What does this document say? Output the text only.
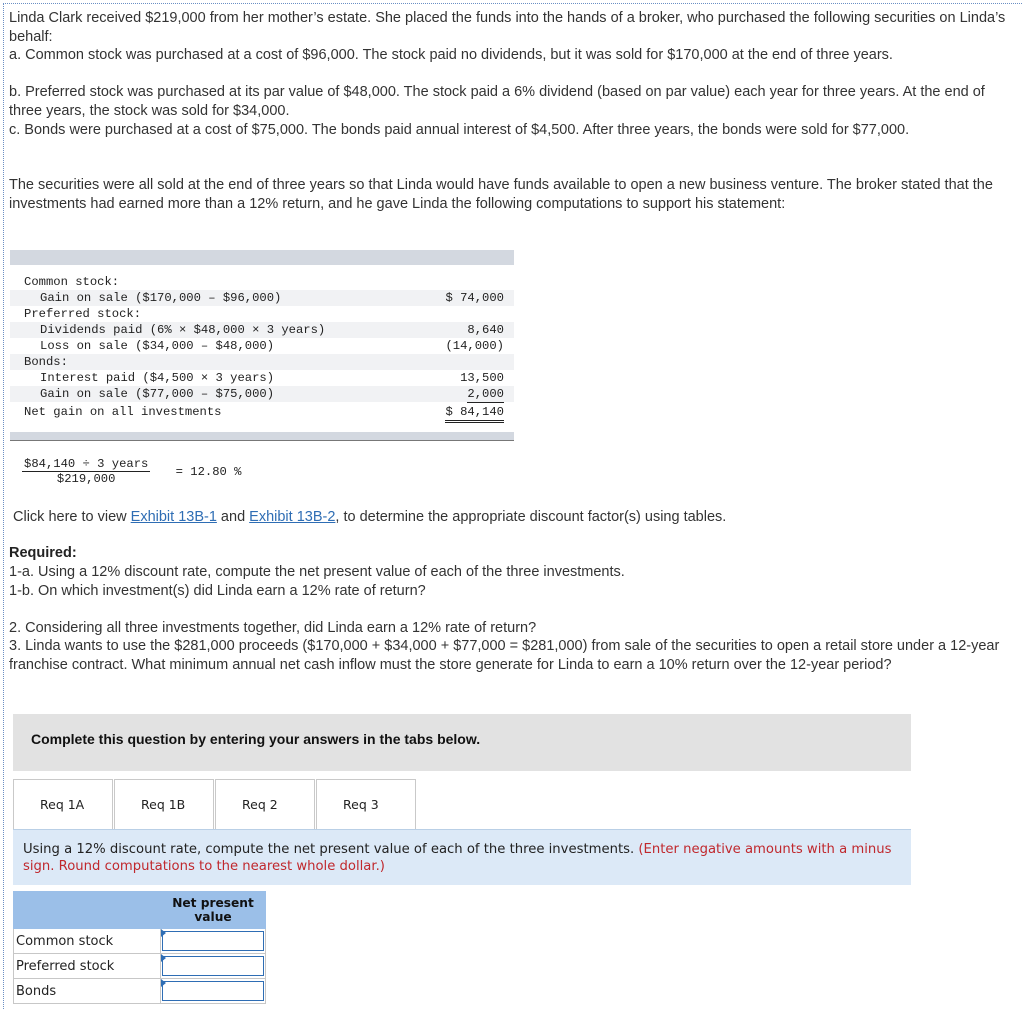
Linda Clark received $219,000 from her mother’s estate. She placed the funds into the hands of a broker, who purchased the following securities on Linda’s behalf:

a. Common stock was purchased at a cost of $96,000. The stock paid no dividends, but it was sold for $170,000 at the end of three years.

b. Preferred stock was purchased at its par value of $48,000. The stock paid a 6% dividend (based on par value) each year for three years. At the end of three years, the stock was sold for $34,000.

c. Bonds were purchased at a cost of $75,000. The bonds paid annual interest of $4,500. After three years, the bonds were sold for $77,000.

The securities were all sold at the end of three years so that Linda would have funds available to open a new business venture. The broker stated that the investments had earned more than a 12% return, and he gave Linda the following computations to support his statement:

Common stock:
Gain on sale ($170,000 – $96,000)	$ 74,000
Preferred stock:
Dividends paid (6% × $48,000 × 3 years)	8,640
Loss on sale ($34,000 – $48,000)	(14,000)
Bonds:
Interest paid ($4,500 × 3 years)	13,500
Gain on sale ($77,000 – $75,000)	2,000
Net gain on all investments	$ 84,140
$84,140 ÷ 3 years
$219,000
= 12.80 %

Click here to view Exhibit 13B-1 and Exhibit 13B-2, to determine the appropriate discount factor(s) using tables.

Required:

1-a. Using a 12% discount rate, compute the net present value of each of the three investments.

1-b. On which investment(s) did Linda earn a 12% rate of return?

2. Considering all three investments together, did Linda earn a 12% rate of return?

3. Linda wants to use the $281,000 proceeds ($170,000 + $34,000 + $77,000 = $281,000) from sale of the securities to open a retail store under a 12-year franchise contract. What minimum annual net cash inflow must the store generate for Linda to earn a 10% return over the 12-year period?

Complete this question by entering your answers in the tabs below.
Req 1A	Req 1B	Req 2	Req 3
Using a 12% discount rate, compute the net present value of each of the three investments. (Enter negative amounts with a minus sign. Round computations to the nearest whole dollar.)
	Net present value
Common stock	

Preferred stock	

Bonds	
